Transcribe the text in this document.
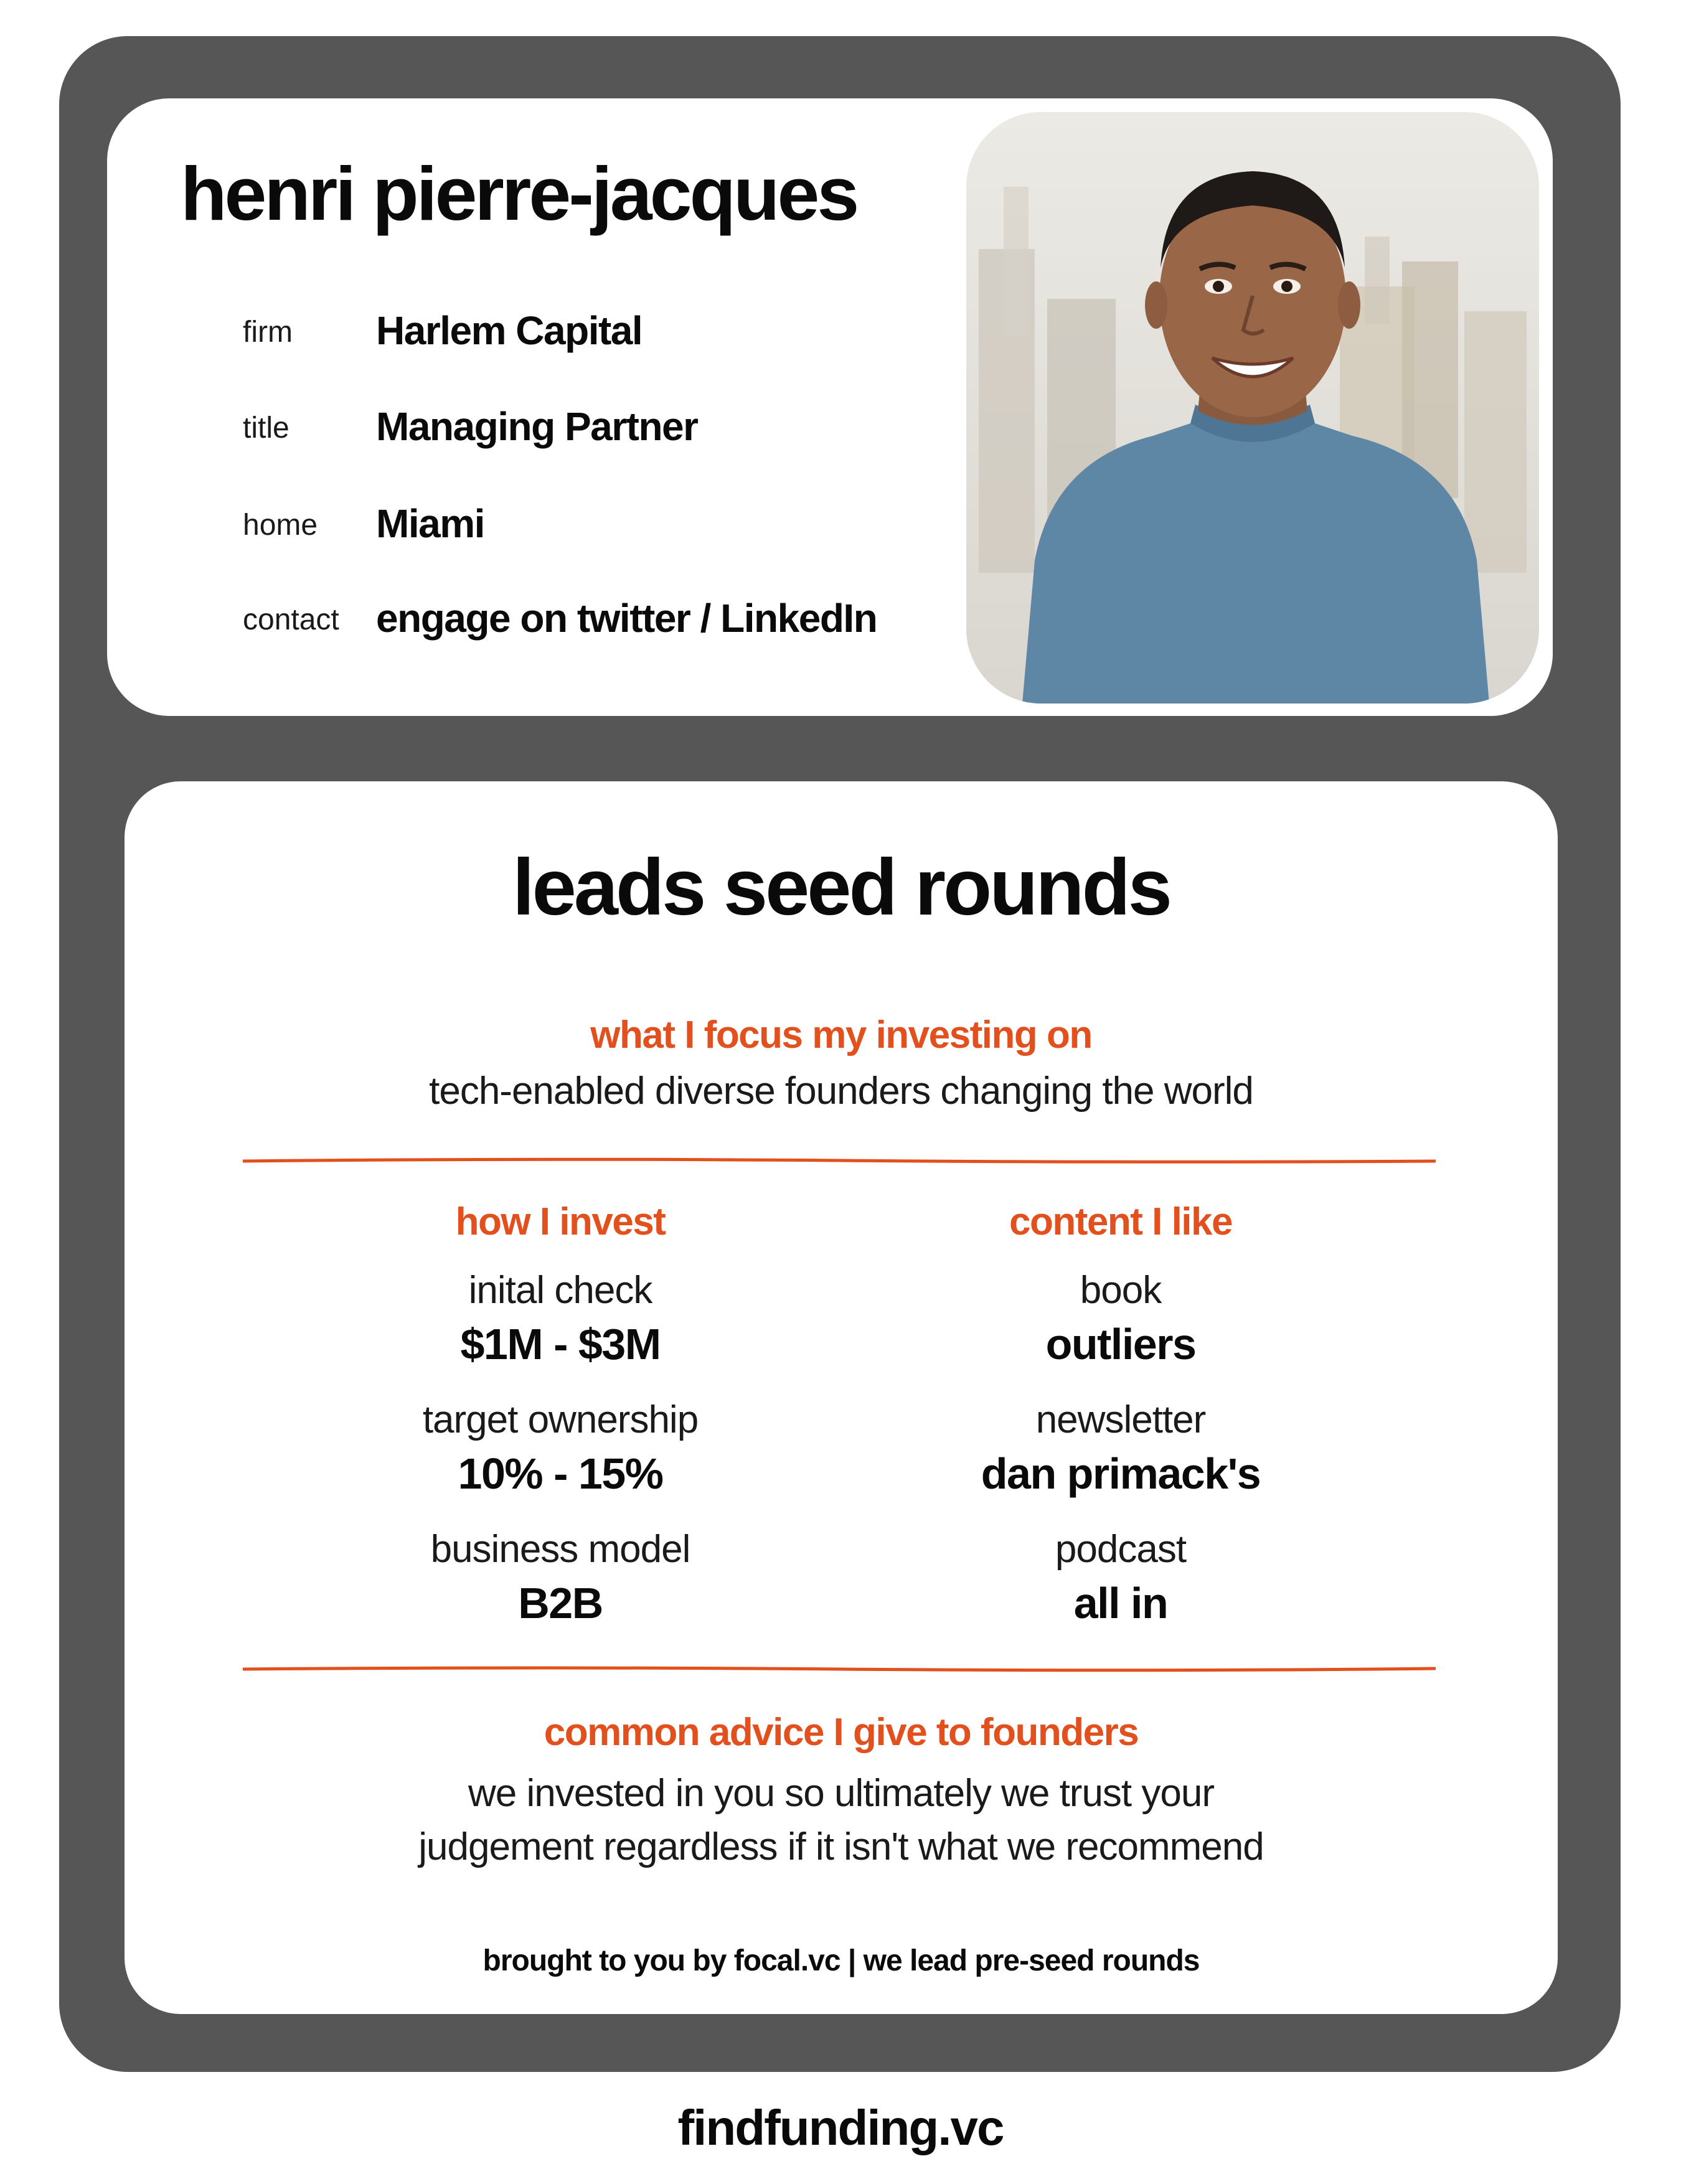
henri pierre-jacques
firm Harlem Capital
title Managing Partner
home Miami
contact engage on twitter / LinkedIn
leads seed rounds
what I focus my investing on
tech-enabled diverse founders changing the world
how I invest
inital check
$1M - $3M
target ownership
10% - 15%
business model
B2B
content I like
book
outliers
newsletter
dan primack's
podcast
all in
common advice I give to founders
we invested in you so ultimately we trust your
judgement regardless if it isn't what we recommend
brought to you by focal.vc | we lead pre-seed rounds
findfunding.vc
